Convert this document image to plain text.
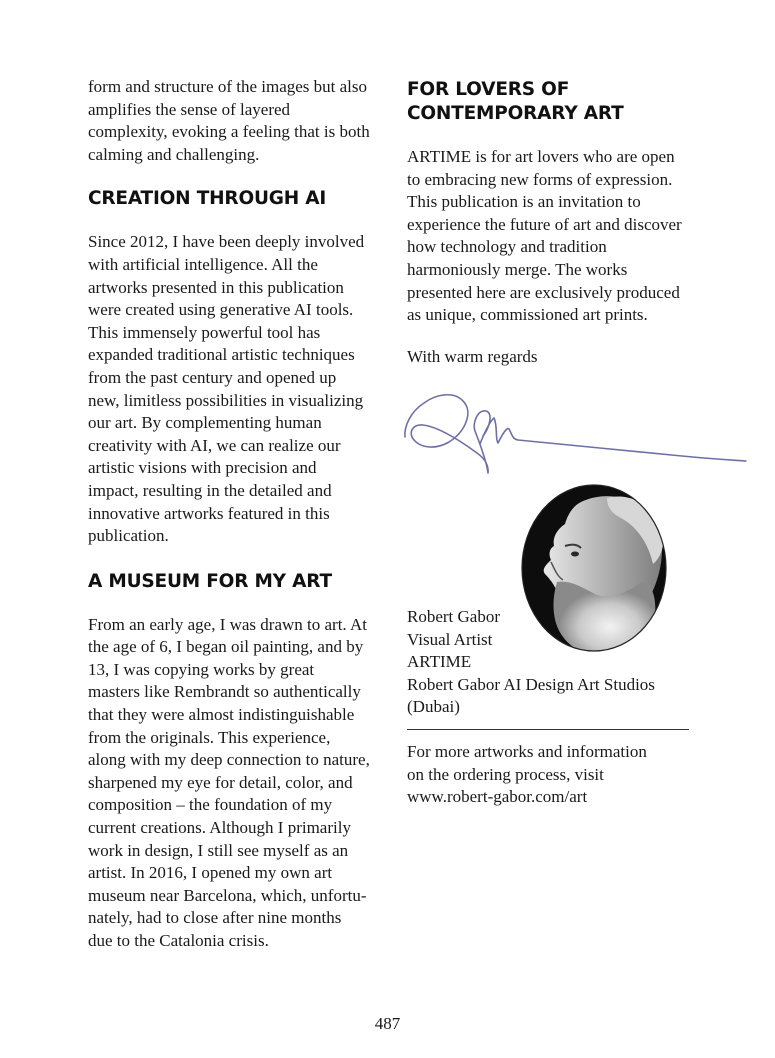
form and structure of the images but also amplifies the sense of layered complexity, evoking a feeling that is both calming and challenging.

CREATION THROUGH AI

Since 2012, I have been deeply involved with artificial intelligence. All the artworks presented in this publication were created using generative AI tools. This immensely powerful tool has expanded traditional artistic techniques from the past century and opened up new, limitless possibilities in visualizing our art. By complementing human creativity with AI, we can realize our artistic visions with precision and impact, resulting in the detailed and innovative artworks featured in this publication.

A MUSEUM FOR MY ART

From an early age, I was drawn to art. At the age of 6, I began oil painting, and by 13, I was copying works by great masters like Rembrandt so authentically that they were almost indistinguishable from the originals. This experience, along with my deep connection to nature, sharpened my eye for detail, color, and composition – the foundation of my current creations. Although I primarily work in design, I still see myself as an artist. In 2016, I opened my own art museum near Barcelona, which, unfortunately, had to close after nine months due to the Catalonia crisis.

FOR LOVERS OF
CONTEMPORARY ART

ARTIME is for art lovers who are open to embracing new forms of expression. This publication is an invitation to experience the future of art and discover how technology and tradition harmoniously merge. The works presented here are exclusively produced as unique, commissioned art prints.

With warm regards

Robert Gabor

Visual Artist

ARTIME

Robert Gabor AI Design Art Studios

(Dubai)

For more artworks and information

on the ordering process, visit

www.robert-gabor.com/art

487
